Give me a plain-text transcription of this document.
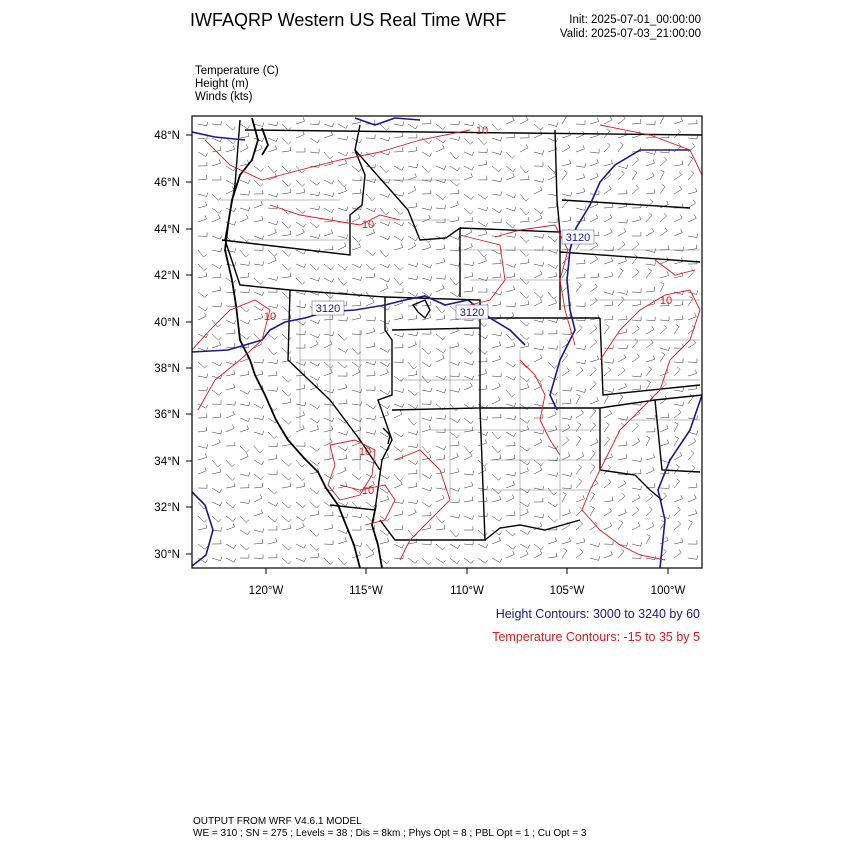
IWFAQRP Western US Real Time WRF	Init: 2025-07-01_00:00:00
Valid: 2025-07-03_21:00:00
Temperature (C)
Height (m)
Winds (kts)
3120	3120
3120
10
10
10
10
10
10
48°N
46°N
44°N
42°N
40°N
38°N
36°N
34°N
32°N
30°N
120°W	115°W	110°W	105°W	100°W
Height Contours: 3000 to 3240 by 60
Temperature Contours: -15 to 35 by 5
OUTPUT FROM WRF V4.6.1 MODEL
WE = 310 ; SN = 275 ; Levels = 38 ; Dis = 8km ; Phys Opt = 8 ; PBL Opt = 1 ; Cu Opt = 3
